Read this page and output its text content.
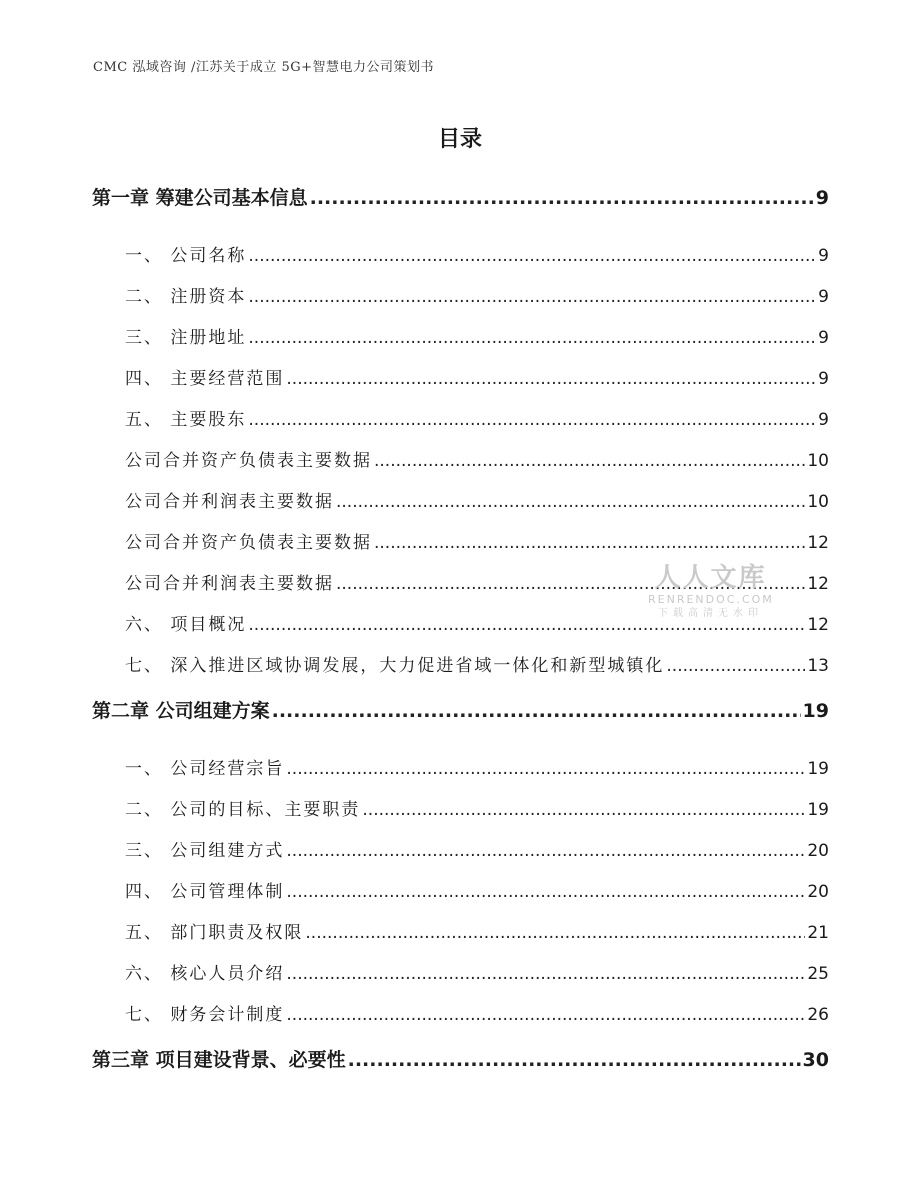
CMC 泓域咨询 /江苏关于成立 5G+智慧电力公司策划书
目录
第一章 筹建公司基本信息 .....	9
一、 公司名称 .....	9
二、 注册资本 .....	9
三、 注册地址 .....	9
四、 主要经营范围 .....	9
五、 主要股东 .....	9
公司合并资产负债表主要数据 .....	10
公司合并利润表主要数据 .....	10
公司合并资产负债表主要数据 .....	12
公司合并利润表主要数据 .....	12
六、 项目概况 .....	12
七、 深入推进区域协调发展，大力促进省域一体化和新型城镇化 .....	13
第二章 公司组建方案 .....	19
一、 公司经营宗旨 .....	19
二、 公司的目标、主要职责 .....	19
三、 公司组建方式 .....	20
四、 公司管理体制 .....	20
五、 部门职责及权限 .....	21
六、 核心人员介绍 .....	25
七、 财务会计制度 .....	26
第三章 项目建设背景、必要性 .....	30
人人文库
RENRENDOC.COM
下载高清无水印
